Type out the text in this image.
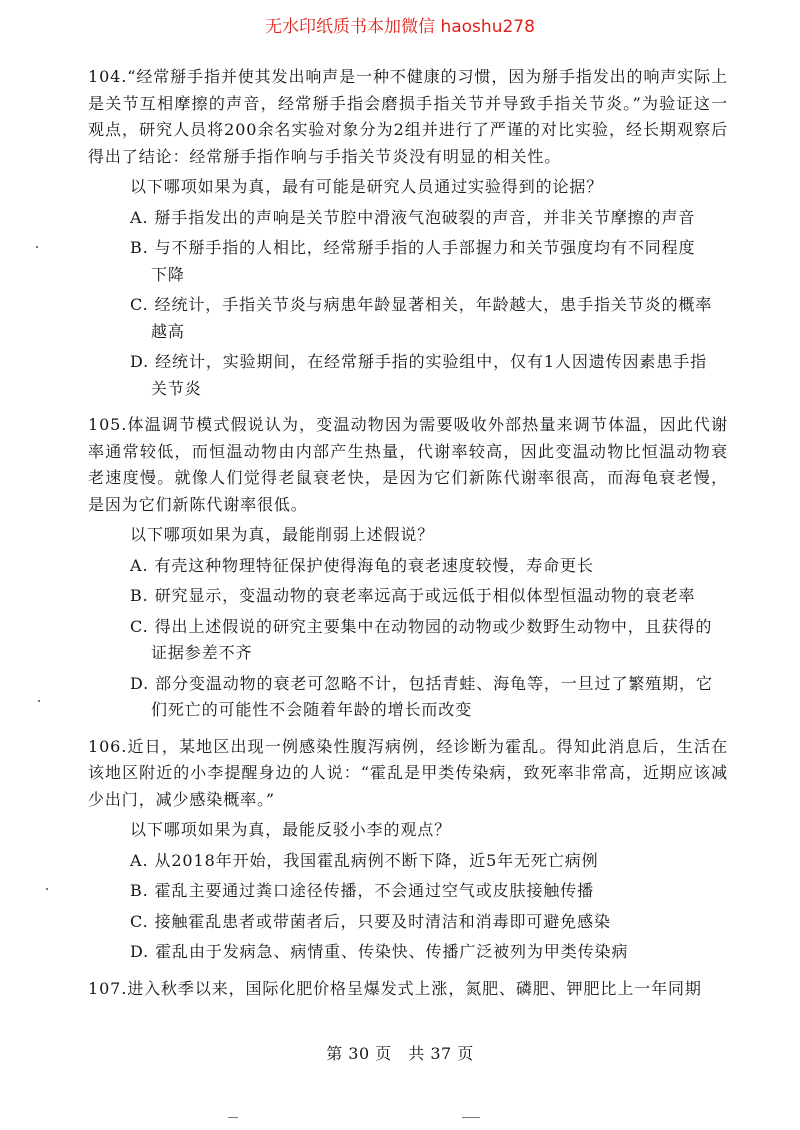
无水印纸质书本加微信 haoshu278

104.“经常掰手指并使其发出响声是一种不健康的习惯，因为掰手指发出的响声实际上是关节互相摩擦的声音，经常掰手指会磨损手指关节并导致手指关节炎。”为验证这一观点，研究人员将200余名实验对象分为2组并进行了严谨的对比实验，经长期观察后得出了结论：经常掰手指作响与手指关节炎没有明显的相关性。

以下哪项如果为真，最有可能是研究人员通过实验得到的论据？
A. 掰手指发出的声响是关节腔中滑液气泡破裂的声音，并非关节摩擦的声音
B. 与不掰手指的人相比，经常掰手指的人手部握力和关节强度均有不同程度
下降
C. 经统计，手指关节炎与病患年龄显著相关，年龄越大，患手指关节炎的概率
越高
D. 经统计，实验期间，在经常掰手指的实验组中，仅有1人因遗传因素患手指
关节炎

105.体温调节模式假说认为，变温动物因为需要吸收外部热量来调节体温，因此代谢率通常较低，而恒温动物由内部产生热量，代谢率较高，因此变温动物比恒温动物衰老速度慢。就像人们觉得老鼠衰老快，是因为它们新陈代谢率很高，而海龟衰老慢，是因为它们新陈代谢率很低。

以下哪项如果为真，最能削弱上述假说？
A. 有壳这种物理特征保护使得海龟的衰老速度较慢，寿命更长
B. 研究显示，变温动物的衰老率远高于或远低于相似体型恒温动物的衰老率
C. 得出上述假说的研究主要集中在动物园的动物或少数野生动物中，且获得的
证据参差不齐
D. 部分变温动物的衰老可忽略不计，包括青蛙、海龟等，一旦过了繁殖期，它
们死亡的可能性不会随着年龄的增长而改变

106.近日，某地区出现一例感染性腹泻病例，经诊断为霍乱。得知此消息后，生活在该地区附近的小李提醒身边的人说：“霍乱是甲类传染病，致死率非常高，近期应该减少出门，减少感染概率。”

以下哪项如果为真，最能反驳小李的观点？
A. 从2018年开始，我国霍乱病例不断下降，近5年无死亡病例
B. 霍乱主要通过粪口途径传播，不会通过空气或皮肤接触传播
C. 接触霍乱患者或带菌者后，只要及时清洁和消毒即可避免感染
D. 霍乱由于发病急、病情重、传染快、传播广泛被列为甲类传染病

107.进入秋季以来，国际化肥价格呈爆发式上涨，氮肥、磷肥、钾肥比上一年同期

第 30 页　共 37 页
